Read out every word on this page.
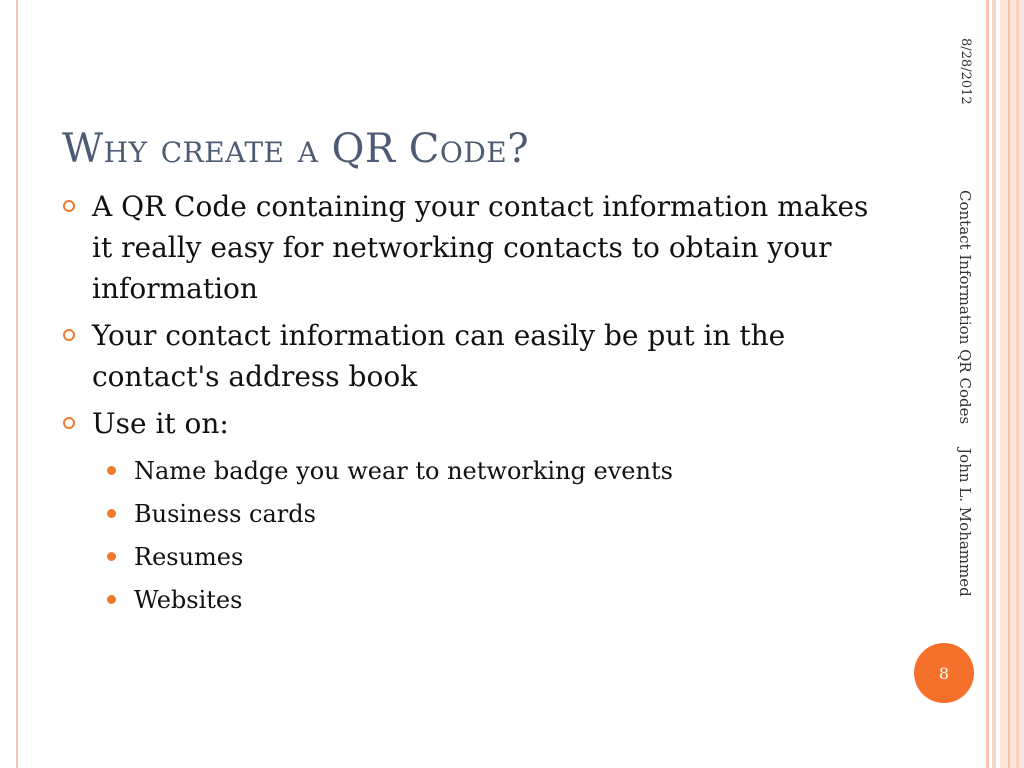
Why create a QR Code?
A QR Code containing your contact information makes it really easy for networking contacts to obtain your information
Your contact information can easily be put in the contact's address book
Use it on:
Name badge you wear to networking events
Business cards
Resumes
Websites
8/28/2012
Contact Information QR CodesJohn L. Mohammed
8
